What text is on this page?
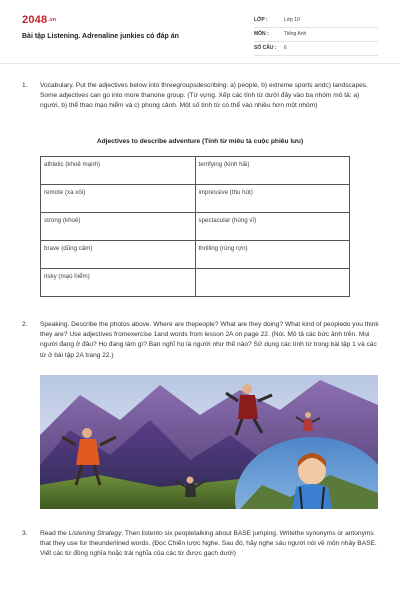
2048.vn
Bài tập Listening. Adrenaline junkies có đáp án
LỚP :	Lớp 10
MÔN :	Tiếng Anh
SỐ CÂU : 6
1. Vocabulary. Put the adjectives below into threegroupsdescribing: a) people, b) extreme sports andc) landscapes. Some adjectives can go into more thanone group. (Từ vựng. Xếp các tính từ dưới đây vào ba nhóm mô tả: a) người, b) thể thao mạo hiểm và c) phong cảnh. Một số tính từ có thể vào nhiều hơn một nhóm)
Adjectives to describe adventure (Tính từ miêu tả cuộc phiêu lưu)
athletic (khoẻ mạnh)	terrifying (kinh hãi)
remote (xa xôi)	impressive (thu hút)
strong (khoẻ)	spectacular (hùng vĩ)
brave (dũng cảm)	thrilling (rùng rợn)
risky (mạo hiểm)	
2. Speaking. Describe the photos above. Where are thepeople? What are they doing? What kind of peopledo you think they are? Use adjectives fromexercise 1and words from lesson 2A on page 22. (Nói. Mô tả các bức ảnh trên. Mọi người đang ở đâu? Họ đang làm gì? Bạn nghĩ họ là người như thế nào? Sử dụng các tính từ trong bài tập 1 và các từ ở bài tập 2A trang 22.)
3. Read the Listening Strategy. Then listento six peopletalking about BASE jumping. Writethe synonyms or antonyms that they use for theunderlined words. (Đọc Chiến lược Nghe. Sau đó, hãy nghe sáu người nói về môn nhảy BASE. Viết các từ đồng nghĩa hoặc trái nghĩa của các từ được gạch dưới)
